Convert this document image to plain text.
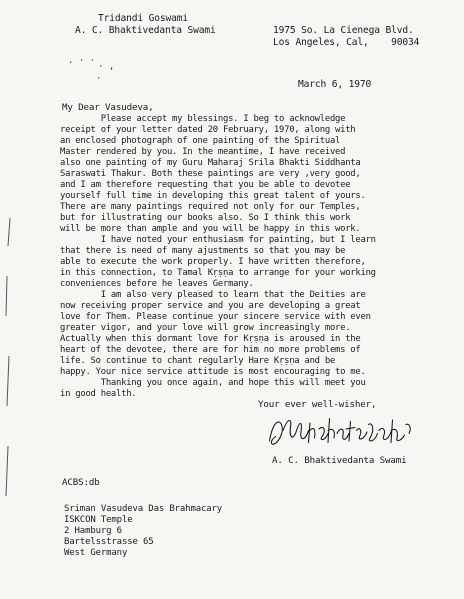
Tridandi Goswami
A. C. Bhaktivedanta Swami	1975 So. La Cienega Blvd.
Los Angeles, Cal,    90034
March 6, 1970
. · ·
· ,
·
My Dear Vasudeva,
Please accept my blessings. I beg to acknowledge
receipt of your letter dated 20 February, 1970, along with
an enclosed photograph of one painting of the Spiritual
Master rendered by you. In the meantime, I have received
also one painting of my Guru Maharaj Srila Bhakti Siddhanta
Saraswati Thakur. Both these paintings are very ,very good,
and I am therefore requesting that you be able to devotee
yourself full time in developing this great talent of yours.
There are many paintings required not only for our Temples,
but for illustrating our books also. So I think this work
will be more than ample and you will be happy in this work.
I have noted your enthusiasm for painting, but I learn
that there is need of many ajustments so that you may be
able to execute the work properly. I have written therefore,
in this connection, to Tamal Kṛṣṇa to arrange for your working
conveniences before he leaves Germany.
I am also very pleased to learn that the Deities are
now receiving proper service and you are developing a great
love for Them. Please continue your sincere service with even
greater vigor, and your love will grow increasingly more.
Actually when this dormant love for Kṛṣṇa is aroused in the
heart of the devotee, there are for him no more problems of
life. So continue to chant regularly Hare Kṛṣṇa and be
happy. Your nice service attitude is most encouraging to me.
Thanking you once again, and hope this will meet you
in good health.
Your ever well-wisher,
A. C. Bhaktivedanta Swami
ACBS:db
Sriman Vasudeva Das Brahmacary
ISKCON Temple
2 Hamburg 6
Bartelsstrasse 65
West Germany
